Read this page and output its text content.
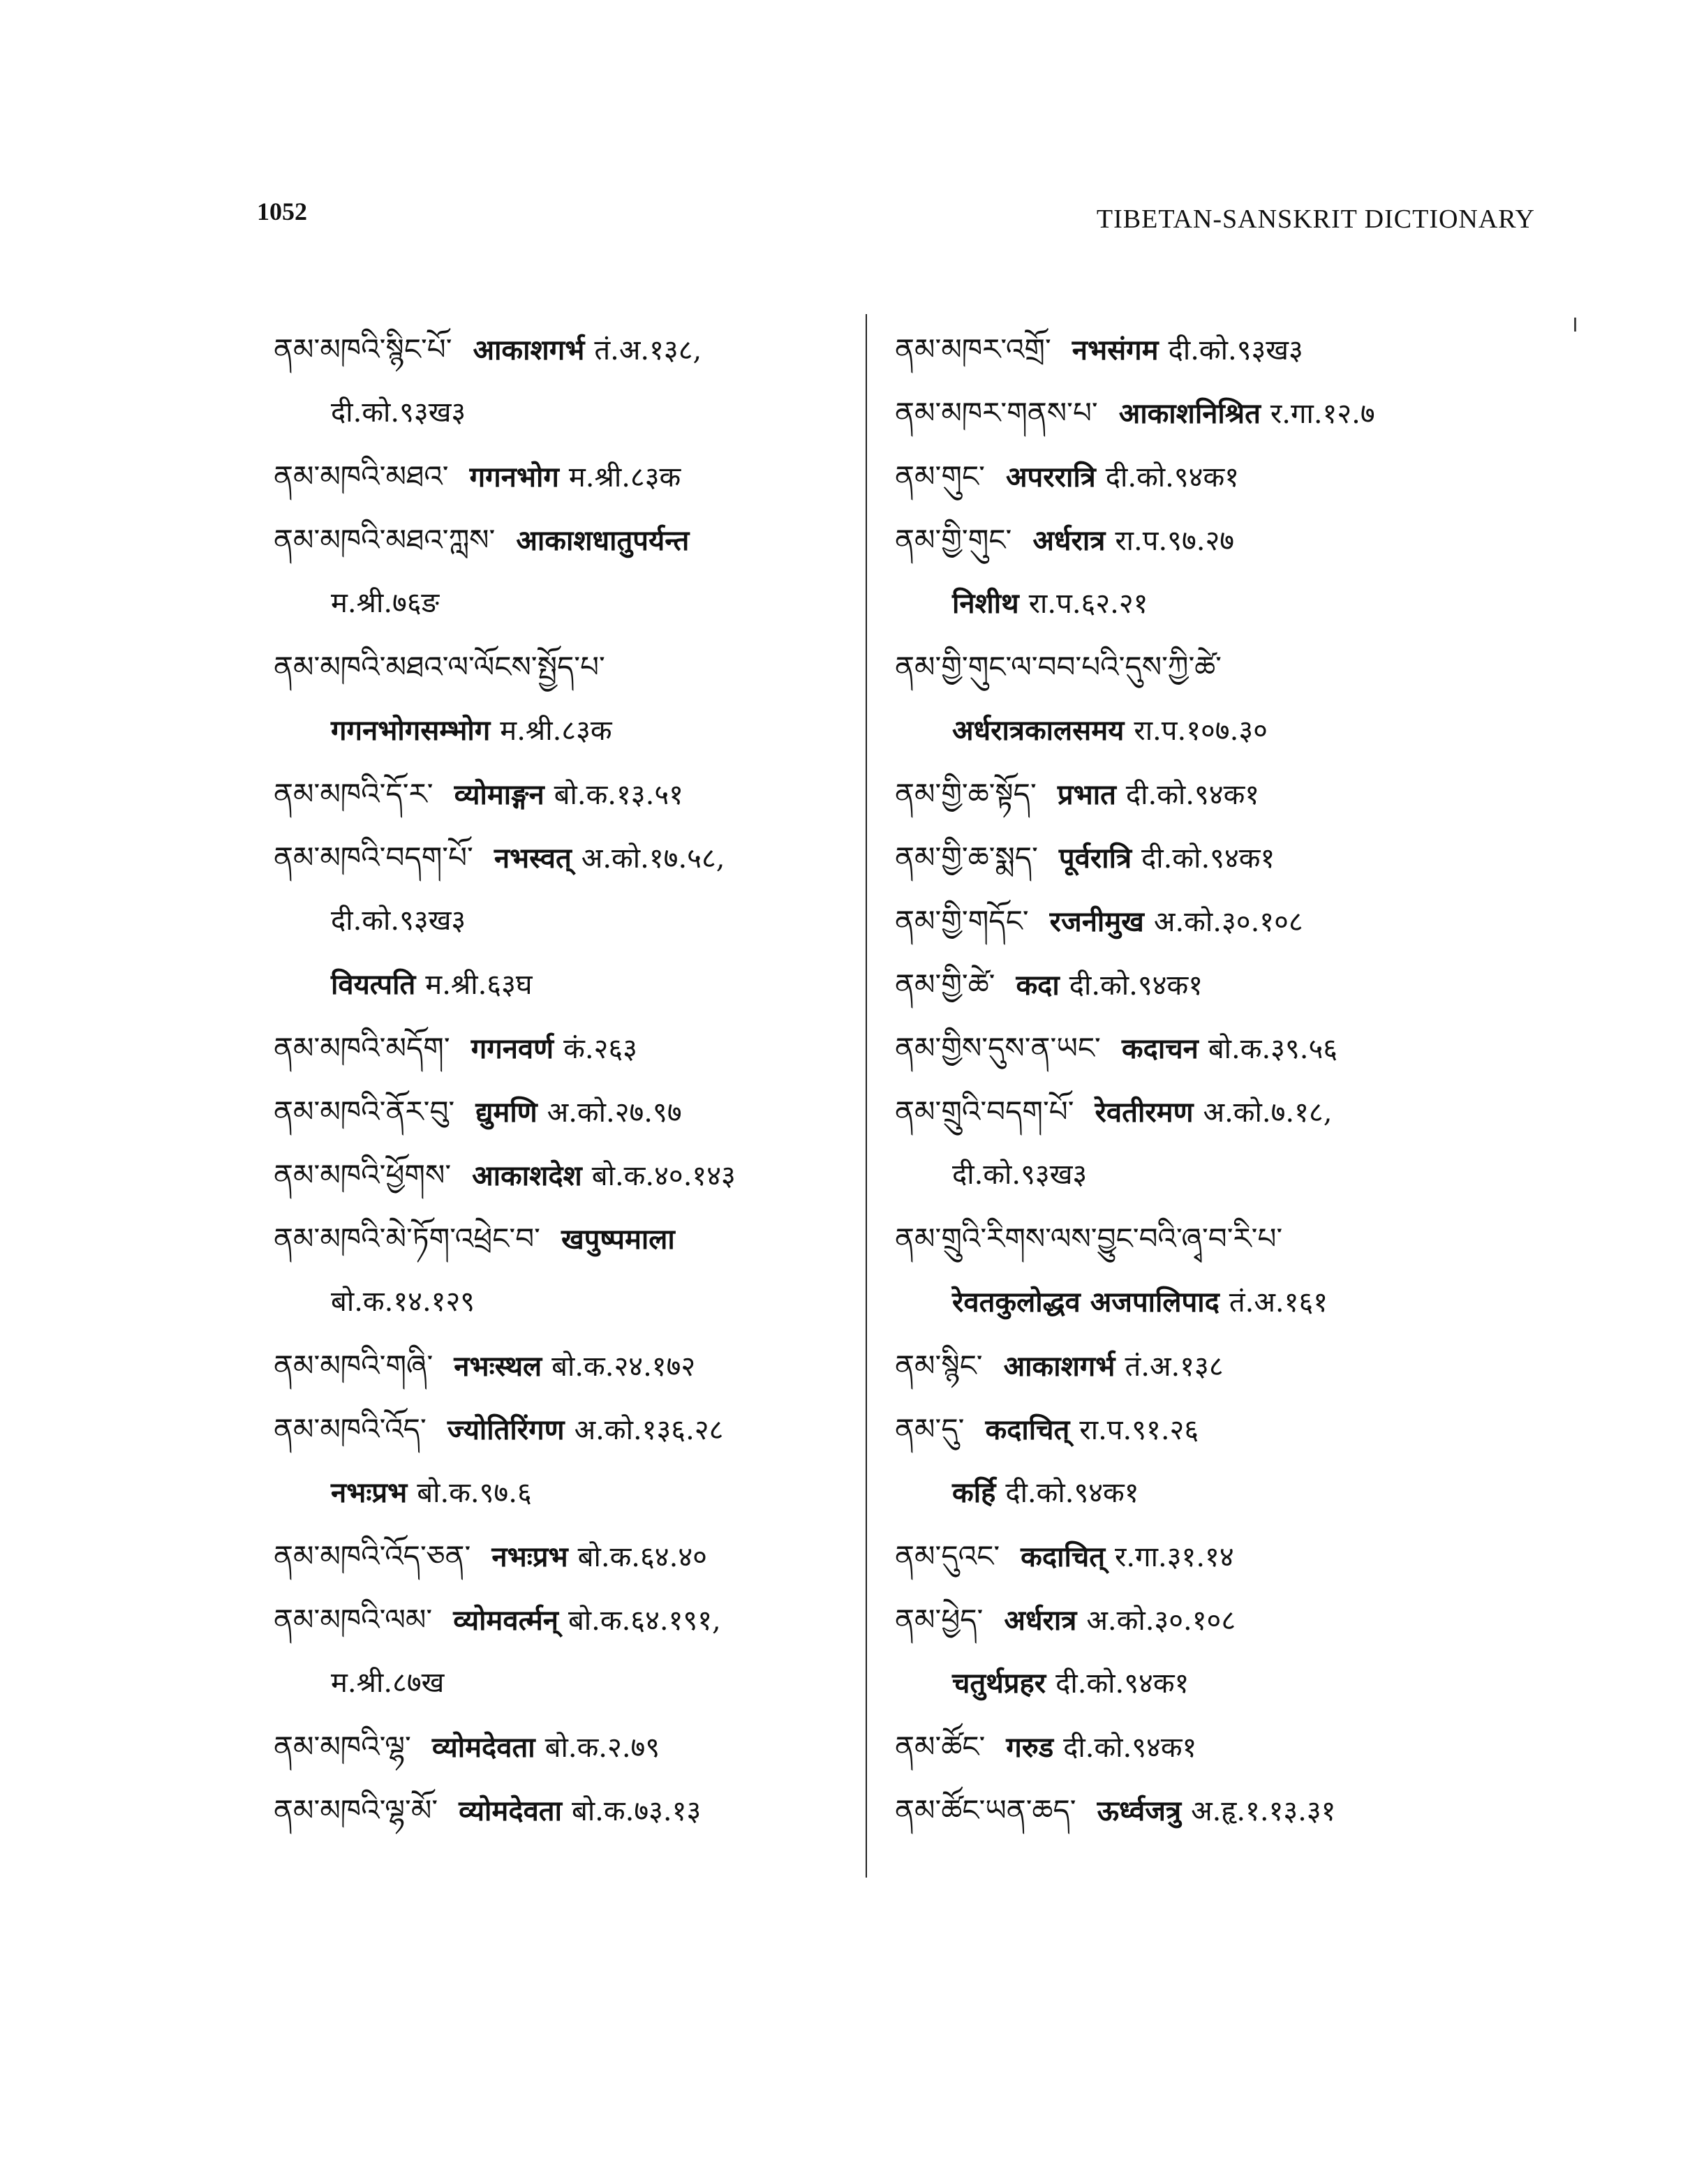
1052	TIBETAN-SANSKRIT DICTIONARY
ནམ་མཁའི་སྙིང་པོ་ आकाशगर्भ तं.अ.१३८,
दी.को.९३ख३
ནམ་མཁའི་མཐའ་ गगनभोग म.श्री.८३क
ནམ་མཁའི་མཐའ་ཀླས་ आकाशधातुपर्यन्त
म.श्री.७६ङ
ནམ་མཁའི་མཐའ་ལ་ལོངས་སྤྱོད་པ་
गगनभोगसम्भोग म.श्री.८३क
ནམ་མཁའི་དོ་ར་ व्योमाङ्गन बो.क.१३.५१
ནམ་མཁའི་བདག་པོ་ नभस्वत् अ.को.१७.५८,
दी.को.९३ख३
वियत्पति म.श्री.६३घ
ནམ་མཁའི་མདོག་ गगनवर्ण कं.२६३
ནམ་མཁའི་ནོར་བུ་ द्युमणि अ.को.२७.९७
ནམ་མཁའི་ཕྱོགས་ आकाशदेश बो.क.४०.१४३
ནམ་མཁའི་མེ་ཏོག་འཕྲེང་བ་ खपुष्पमाला
बो.क.१४.१२९
ནམ་མཁའི་གཞི་ नभःस्थल बो.क.२४.१७२
ནམ་མཁའི་འོད་ ज्योतिरिंगण अ.को.१३६.२८
नभःप्रभ बो.क.९७.६
ནམ་མཁའི་འོད་ཅན་ नभःप्रभ बो.क.६४.४०
ནམ་མཁའི་ལམ་ व्योमवर्त्मन् बो.क.६४.१९१,
म.श्री.८७ख
ནམ་མཁའི་ལྷ་ व्योमदेवता बो.क.२.७९
ནམ་མཁའི་ལྷ་མོ་ व्योमदेवता बो.क.७३.१३
ནམ་མཁར་འགྲོ་ नभसंगम दी.को.९३ख३
ནམ་མཁར་གནས་པ་ आकाशनिश्रित र.गा.१२.७
ནམ་གུང་ अपररात्रि दी.को.९४क१
ནམ་གྱི་གུང་ अर्धरात्र रा.प.९७.२७
निशीथ रा.प.६२.२१
ནམ་གྱི་གུང་ལ་བབ་པའི་དུས་ཀྱི་ཚེ་
अर्धरात्रकालसमय रा.प.१०७.३०
ནམ་གྱི་ཆ་སྟོད་ प्रभात दी.को.९४क१
ནམ་གྱི་ཆ་སྨད་ पूर्वरात्रि दी.को.९४क१
ནམ་གྱི་གདོང་ रजनीमुख अ.को.३०.१०८
ནམ་གྱི་ཚེ་ कदा दी.को.९४क१
ནམ་གྱིས་དུས་ན་ཡང་ कदाचन बो.क.३९.५६
ནམ་གྲུའི་བདག་པོ་ रेवतीरमण अ.को.७.१८,
दी.को.९३ख३
ནམ་གྲུའི་རིགས་ལས་བྱུང་བའི་ཞྭ་བ་རི་པ་
रेवतकुलोद्धव अजपालिपाद तं.अ.१६१
ནམ་སྙིང་ आकाशगर्भ तं.अ.१३८
ནམ་དུ་ कदाचित् रा.प.९१.२६
कर्हि दी.को.९४क१
ནམ་དུའང་ कदाचित् र.गा.३१.१४
ནམ་ཕྱེད་ अर्धरात्र अ.को.३०.१०८
चतुर्थप्रहर दी.को.९४क१
ནམ་ཚོང་ गरुड दी.को.९४क१
ནམ་ཚོང་ཡན་ཆད་ ऊर्ध्वजत्रु अ.हृ.१.१३.३१
